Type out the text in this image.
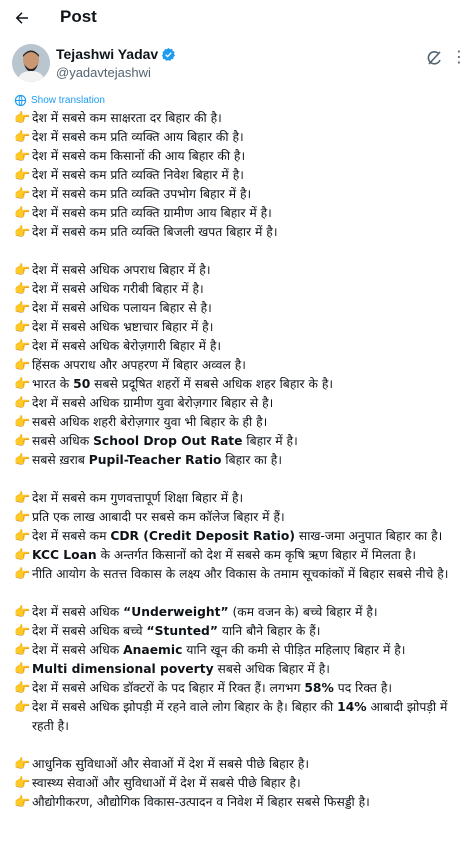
Post
Tejashwi Yadav
@yadavtejashwi
⋮
Show translation
👉 देश में सबसे कम साक्षरता दर बिहार की है।
👉 देश में सबसे कम प्रति व्यक्ति आय बिहार की है।
👉 देश में सबसे कम किसानों की आय बिहार की है।
👉 देश में सबसे कम प्रति व्यक्ति निवेश बिहार में है।
👉 देश में सबसे कम प्रति व्यक्ति उपभोग बिहार में है।
👉 देश में सबसे कम प्रति व्यक्ति ग्रामीण आय बिहार में है।
👉 देश में सबसे कम प्रति व्यक्ति बिजली खपत बिहार में है।
👉 देश में सबसे अधिक अपराध बिहार में है।
👉 देश में सबसे अधिक गरीबी बिहार में है।
👉 देश में सबसे अधिक पलायन बिहार से है।
👉 देश में सबसे अधिक भ्रष्टाचार बिहार में है।
👉 देश में सबसे अधिक बेरोज़गारी बिहार में है।
👉 हिंसक अपराध और अपहरण में बिहार अव्वल है।
👉 भारत के 50 सबसे प्रदूषित शहरों में सबसे अधिक शहर बिहार के है।
👉 देश में सबसे अधिक ग्रामीण युवा बेरोज़गार बिहार से है।
👉 सबसे अधिक शहरी बेरोज़गार युवा भी बिहार के ही है।
👉 सबसे अधिक School Drop Out Rate बिहार में है।
👉 सबसे ख़राब Pupil-Teacher Ratio बिहार का है।
👉 देश में सबसे कम गुणवत्तापूर्ण शिक्षा बिहार में है।
👉 प्रति एक लाख आबादी पर सबसे कम कॉलेज बिहार में हैं।
👉 देश में सबसे कम CDR (Credit Deposit Ratio) साख-जमा अनुपात बिहार का है।
👉 KCC Loan के अन्तर्गत किसानों को देश में सबसे कम कृषि ऋण बिहार में मिलता है।
👉 नीति आयोग के सतत्त विकास के लक्ष्य और विकास के तमाम सूचकांकों में बिहार सबसे नीचे है।
👉 देश में सबसे अधिक “Underweight” (कम वजन के) बच्चे बिहार में है।
👉 देश में सबसे अधिक बच्चे “Stunted” यानि बौने बिहार के हैं।
👉 देश में सबसे अधिक Anaemic यानि खून की कमी से पीड़ित महिलाए बिहार में है।
👉 Multi dimensional poverty सबसे अधिक बिहार में है।
👉 देश में सबसे अधिक डॉक्टरों के पद बिहार में रिक्त हैं। लगभग 58% पद रिक्त है।
👉 देश में सबसे अधिक झोपड़ी में रहने वाले लोग बिहार के है। बिहार की 14% आबादी झोपड़ी में रहती है।
👉 आधुनिक सुविधाओं और सेवाओं में देश में सबसे पीछे बिहार है।
👉 स्वास्थ्य सेवाओं और सुविधाओं में देश में सबसे पीछे बिहार है।
👉 औद्योगीकरण, औद्योगिक विकास-उत्पादन व निवेश में बिहार सबसे फिसड्डी है।
